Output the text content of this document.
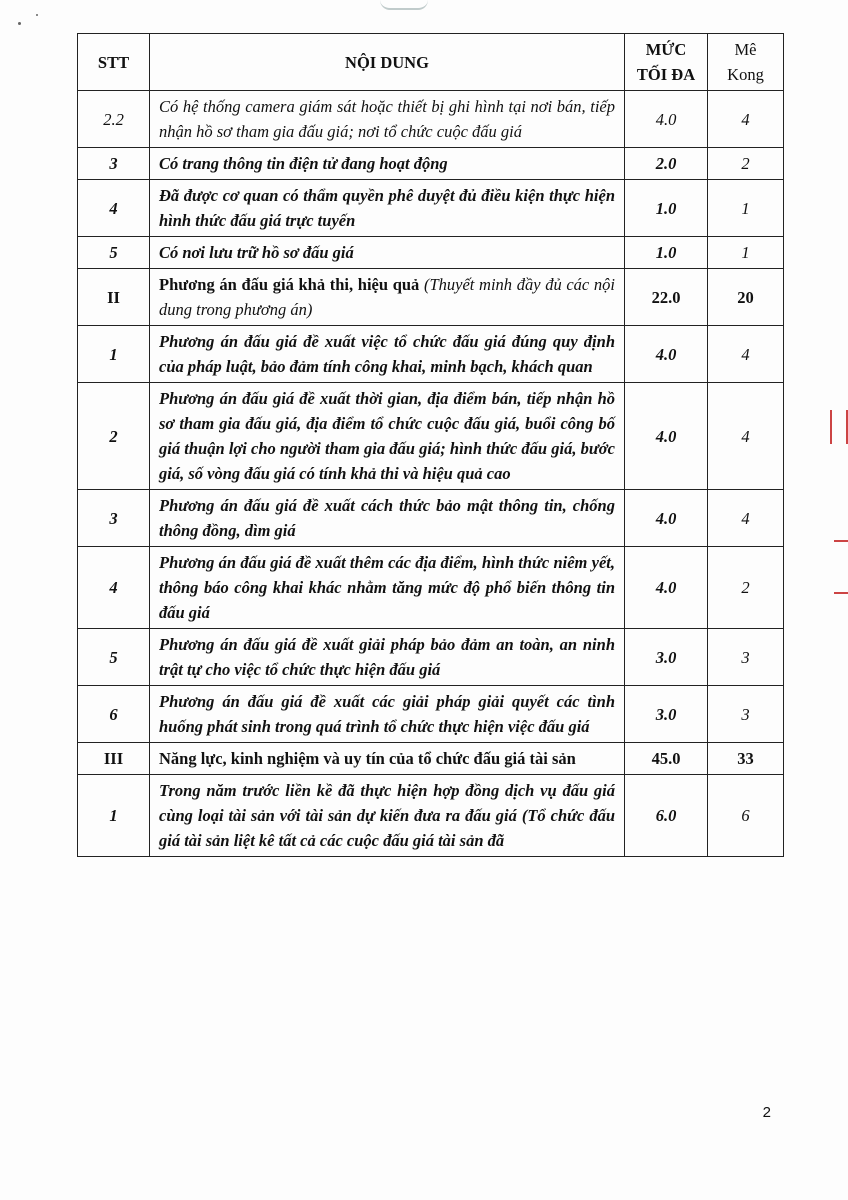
STT	NỘI DUNG	MỨC TỐI ĐA	Mê Kong
2.2	Có hệ thống camera giám sát hoặc thiết bị ghi hình tại nơi bán, tiếp nhận hồ sơ tham gia đấu giá; nơi tổ chức cuộc đấu giá	4.0	4
3	Có trang thông tin điện tử đang hoạt động	2.0	2
4	Đã được cơ quan có thẩm quyền phê duyệt đủ điều kiện thực hiện hình thức đấu giá trực tuyến	1.0	1
5	Có nơi lưu trữ hồ sơ đấu giá	1.0	1
II	Phương án đấu giá khả thi, hiệu quả (Thuyết minh đầy đủ các nội dung trong phương án)	22.0	20
1	Phương án đấu giá đề xuất việc tổ chức đấu giá đúng quy định của pháp luật, bảo đảm tính công khai, minh bạch, khách quan	4.0	4
2	Phương án đấu giá đề xuất thời gian, địa điểm bán, tiếp nhận hồ sơ tham gia đấu giá, địa điểm tổ chức cuộc đấu giá, buổi công bố giá thuận lợi cho người tham gia đấu giá; hình thức đấu giá, bước giá, số vòng đấu giá có tính khả thi và hiệu quả cao	4.0	4
3	Phương án đấu giá đề xuất cách thức bảo mật thông tin, chống thông đồng, dìm giá	4.0	4
4	Phương án đấu giá đề xuất thêm các địa điểm, hình thức niêm yết, thông báo công khai khác nhằm tăng mức độ phổ biến thông tin đấu giá	4.0	2
5	Phương án đấu giá đề xuất giải pháp bảo đảm an toàn, an ninh trật tự cho việc tổ chức thực hiện đấu giá	3.0	3
6	Phương án đấu giá đề xuất các giải pháp giải quyết các tình huống phát sinh trong quá trình tổ chức thực hiện việc đấu giá	3.0	3
III	Năng lực, kinh nghiệm và uy tín của tổ chức đấu giá tài sản	45.0	33
1	Trong năm trước liền kề đã thực hiện hợp đồng dịch vụ đấu giá cùng loại tài sản với tài sản dự kiến đưa ra đấu giá (Tổ chức đấu giá tài sản liệt kê tất cả các cuộc đấu giá tài sản đã	6.0	6
2
